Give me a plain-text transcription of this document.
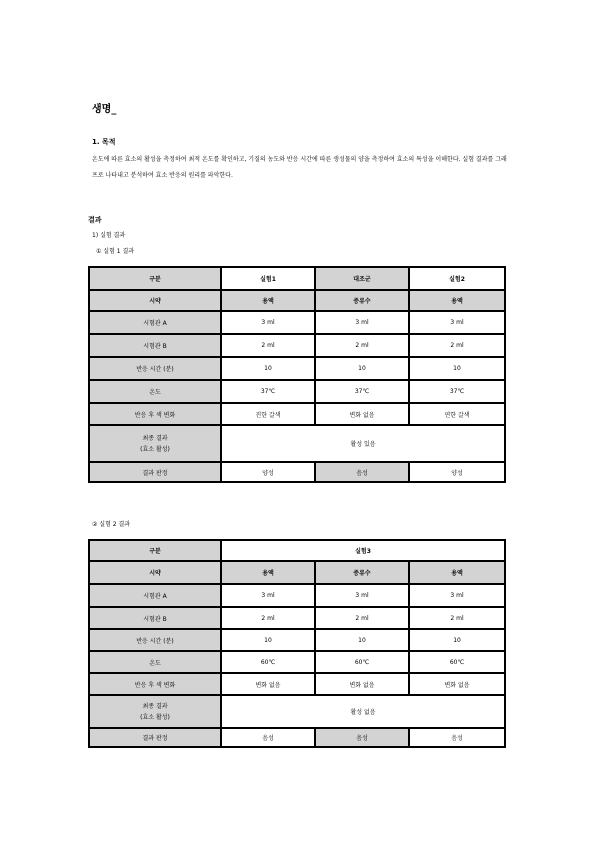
생명_
1. 목적
온도에 따른 효소의 활성을 측정하여 최적 온도를 확인하고, 기질의 농도와 반응 시간에 따른 생성물의 양을 측정하여 효소의 특성을 이해한다. 실험 결과를 그래프로 나타내고 분석하여 효소 반응의 원리를 파악한다.
결과
1) 실험 결과
① 실험 1 결과
구분	실험1	대조군	실험2
시약	용액	증류수	용액
시험관 A	3 ml	3 ml	3 ml
시험관 B	2 ml	2 ml	2 ml
반응 시간 (분)	10	10	10
온도	37℃	37℃	37℃
반응 후 색 변화	진한 갈색	변화 없음	연한 갈색
최종 결과
(효소 활성)	활성 있음		
결과 판정	양성	음성	양성
② 실험 2 결과
구분	실험3		
시약	용액	증류수	용액
시험관 A	3 ml	3 ml	3 ml
시험관 B	2 ml	2 ml	2 ml
반응 시간 (분)	10	10	10
온도	60℃	60℃	60℃
반응 후 색 변화	변화 없음	변화 없음	변화 없음
최종 결과
(효소 활성)	활성 없음		
결과 판정	음성	음성	음성
